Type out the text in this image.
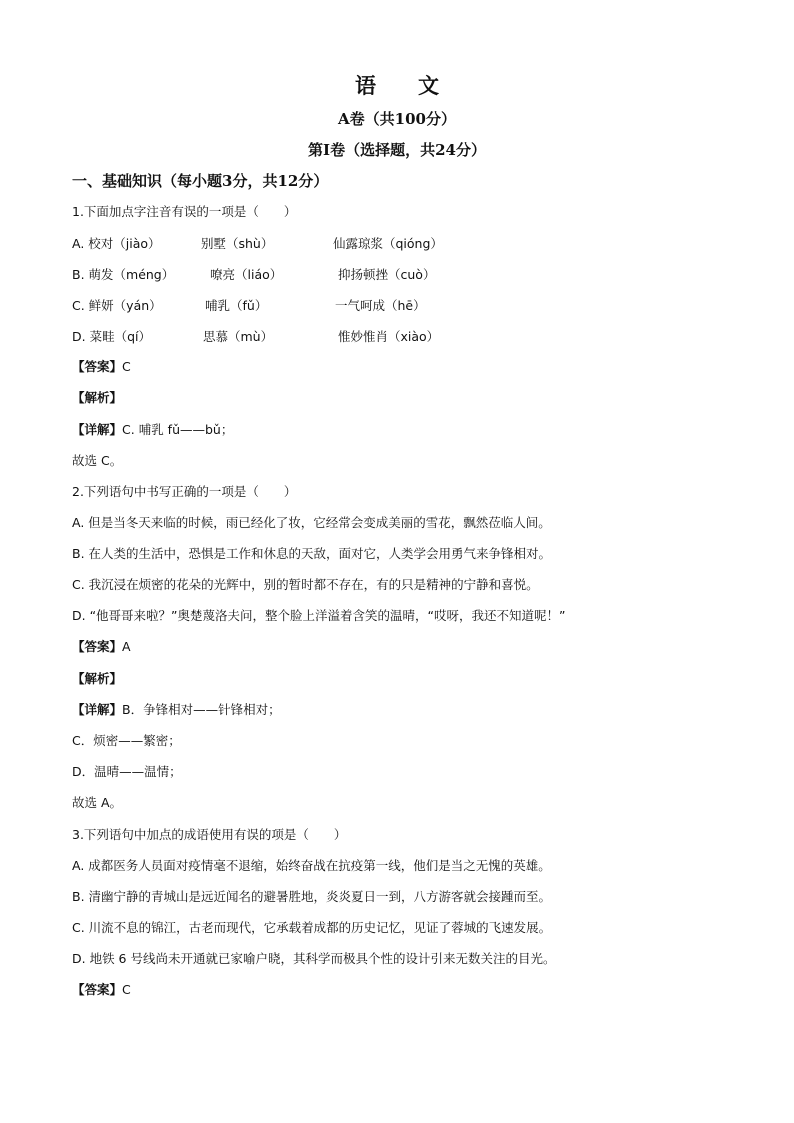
语　　文
A卷（共100分）
第Ⅰ卷（选择题，共24分）
一、基础知识（每小题3分，共12分）
1.下面加点字注音有误的一项是（　　）
A. 校对（jiào）	别墅（shù）	仙露琼浆（qióng）
B. 萌发（méng）	嘹亮（liáo）	抑扬顿挫（cuò）
C. 鲜妍（yán）	哺乳（fǔ）	一气呵成（hē）
D. 菜畦（qí）	思慕（mù）	惟妙惟肖（xiào）
【答案】C
【解析】
【详解】C. 哺乳 fǔ——bǔ；
故选 C。
2.下列语句中书写正确的一项是（　　）
A. 但是当冬天来临的时候，雨已经化了妆，它经常会变成美丽的雪花，飘然莅临人间。
B. 在人类的生活中，恐惧是工作和休息的天敌，面对它，人类学会用勇气来争锋相对。
C. 我沉浸在烦密的花朵的光辉中，别的暂时都不存在，有的只是精神的宁静和喜悦。
D. “他哥哥来啦？”奥楚蔑洛夫问，整个脸上洋溢着含笑的温晴，“哎呀，我还不知道呢！”
【答案】A
【解析】
【详解】B．争锋相对——针锋相对；
C．烦密——繁密；
D．温晴——温情；
故选 A。
3.下列语句中加点的成语使用有误的项是（　　）
A. 成都医务人员面对疫情毫不退缩，始终奋战在抗疫第一线，他们是当之无愧的英雄。
B. 清幽宁静的青城山是远近闻名的避暑胜地，炎炎夏日一到，八方游客就会接踵而至。
C. 川流不息的锦江，古老而现代，它承载着成都的历史记忆，见证了蓉城的飞速发展。
D. 地铁 6 号线尚未开通就已家喻户晓，其科学而极具个性的设计引来无数关注的目光。
【答案】C
